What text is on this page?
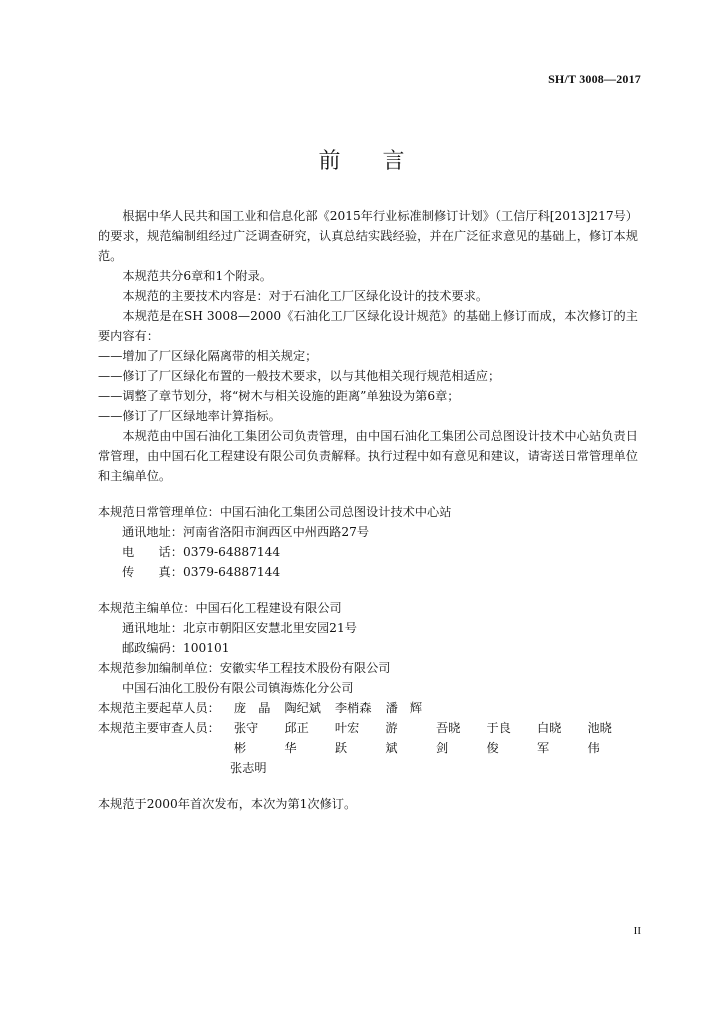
SH/T 3008—2017
前 言

根据中华人民共和国工业和信息化部《2015年行业标准制修订计划》（工信厅科[2013]217号）的要求，规范编制组经过广泛调查研究，认真总结实践经验，并在广泛征求意见的基础上，修订本规范。

本规范共分6章和1个附录。

本规范的主要技术内容是：对于石油化工厂区绿化设计的技术要求。

本规范是在SH 3008—2000《石油化工厂区绿化设计规范》的基础上修订而成，本次修订的主要内容有：

——增加了厂区绿化隔离带的相关规定；

——修订了厂区绿化布置的一般技术要求，以与其他相关现行规范相适应；

——调整了章节划分，将“树木与相关设施的距离”单独设为第6章；

——修订了厂区绿地率计算指标。

本规范由中国石油化工集团公司负责管理，由中国石油化工集团公司总图设计技术中心站负责日常管理，由中国石化工程建设有限公司负责解释。执行过程中如有意见和建议，请寄送日常管理单位和主编单位。

本规范日常管理单位： 中国石油化工集团公司总图设计技术中心站
通讯地址： 河南省洛阳市涧西区中州西路27号
电　　话： 0379-64887144
传　　真： 0379-64887144
本规范主编单位： 中国石化工程建设有限公司
通讯地址： 北京市朝阳区安慧北里安园21号
邮政编码： 100101
本规范参加编制单位： 安徽实华工程技术股份有限公司
中国石油化工股份有限公司镇海炼化分公司
本规范主要起草人员： 庞　晶 陶纪斌 李梢森 潘　辉
本规范主要审查人员： 张守彬
邱正华
叶宏跃
游　斌
吾晓剑
于良俊
白晓军
池晓伟
张志明

本规范于2000年首次发布，本次为第1次修订。

II
